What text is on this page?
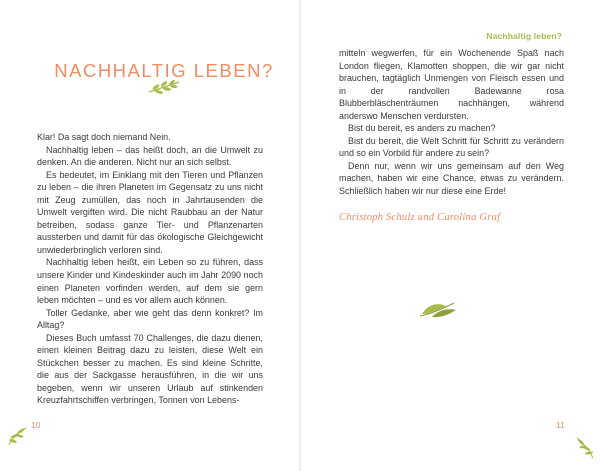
NACHHALTIG LEBEN?

Klar! Da sagt doch niemand Nein.

Nachhaltig leben – das heißt doch, an die Umwelt zu denken. An die anderen. Nicht nur an sich selbst.

Es bedeutet, im Einklang mit den Tieren und Pflanzen zu leben – die ihren Planeten im Gegensatz zu uns nicht mit Zeug zumüllen, das noch in Jahrtausenden die Umwelt vergiften wird. Die nicht Raubbau an der Natur betreiben, sodass ganze Tier- und Pflanzenarten aussterben und damit für das ökologische Gleichgewicht unwiederbringlich verloren sind.

Nachhaltig leben heißt, ein Leben so zu führen, dass unsere Kinder und Kindeskinder auch im Jahr 2090 noch einen Planeten vorfinden werden, auf dem sie gern leben möchten – und es vor allem auch können.

Toller Gedanke, aber wie geht das denn konkret? Im Alltag?

Dieses Buch umfasst 70 Challenges, die dazu dienen, einen kleinen Beitrag dazu zu leisten, diese Welt ein Stückchen besser zu machen. Es sind kleine Schritte, die aus der Sackgasse herausführen, in die wir uns begeben, wenn wir unseren Urlaub auf stinkenden Kreuzfahrtschiffen verbringen, Tonnen von Lebens-

10
Nachhaltig leben?

mitteln wegwerfen, für ein Wochenende Spaß nach London fliegen, Klamotten shoppen, die wir gar nicht brauchen, tagtäglich Unmengen von Fleisch essen und in der randvollen Badewanne rosa Blubberbläschenträumen nachhängen, während anderswo Menschen verdursten.

Bist du bereit, es anders zu machen?

Bist du bereit, die Welt Schritt für Schritt zu verändern und so ein Vorbild für andere zu sein?

Denn nur, wenn wir uns gemeinsam auf den Weg machen, haben wir eine Chance, etwas zu verändern. Schließlich haben wir nur diese eine Erde!

Christoph Schulz und Carolina Graf
11
